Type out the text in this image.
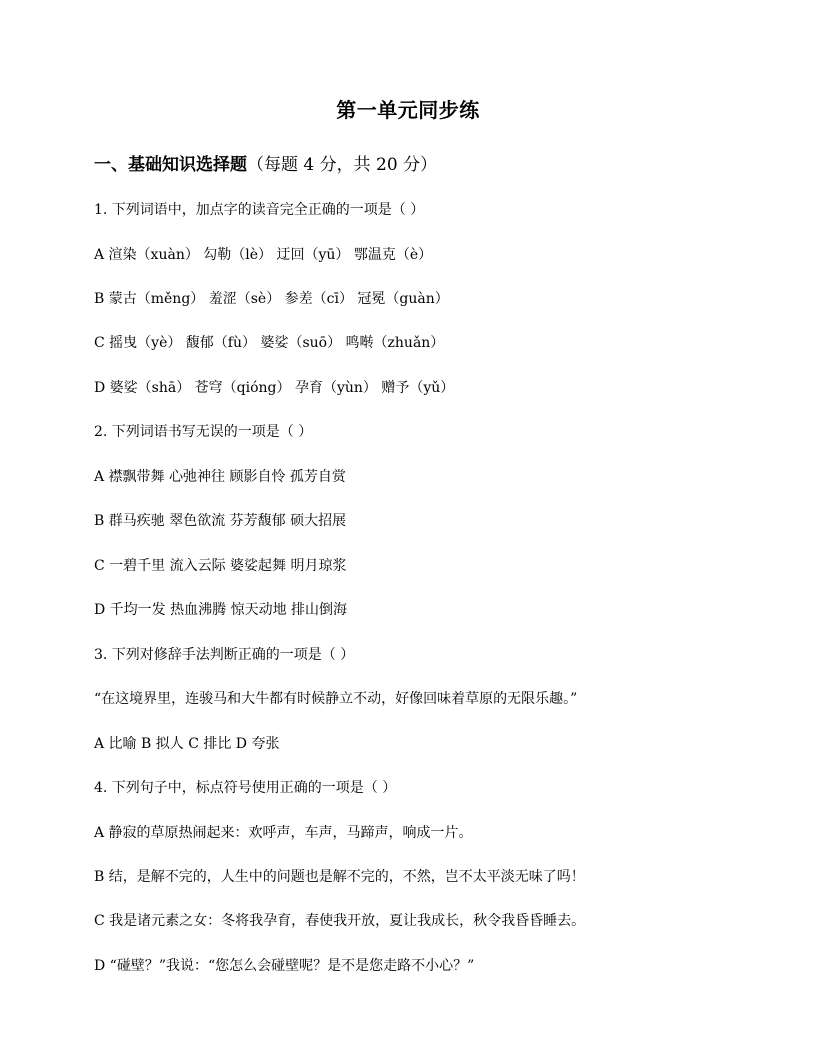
第一单元同步练
一、基础知识选择题（每题 4 分，共 20 分）
1. 下列词语中，加点字的读音完全正确的一项是（ ）
A 渲染（xuàn） 勾勒（lè） 迂回（yū） 鄂温克（è）
B 蒙古（měng） 羞涩（sè） 参差（cī） 冠冕（guàn）
C 摇曳（yè） 馥郁（fù） 婆娑（suō） 鸣啭（zhuǎn）
D 婆娑（shā） 苍穹（qióng） 孕育（yùn） 赠予（yǔ）
2. 下列词语书写无误的一项是（ ）
A 襟飘带舞 心弛神往 顾影自怜 孤芳自赏
B 群马疾驰 翠色欲流 芬芳馥郁 硕大招展
C 一碧千里 流入云际 婆娑起舞 明月琼浆
D 千均一发 热血沸腾 惊天动地 排山倒海
3. 下列对修辞手法判断正确的一项是（ ）
“在这境界里，连骏马和大牛都有时候静立不动，好像回味着草原的无限乐趣。”
A 比喻 B 拟人 C 排比 D 夸张
4. 下列句子中，标点符号使用正确的一项是（ ）
A 静寂的草原热闹起来：欢呼声，车声，马蹄声，响成一片。
B 结，是解不完的，人生中的问题也是解不完的，不然，岂不太平淡无味了吗！
C 我是诸元素之女：冬将我孕育，春使我开放，夏让我成长，秋令我昏昏睡去。
D “碰壁？”我说：“您怎么会碰壁呢？是不是您走路不小心？”
